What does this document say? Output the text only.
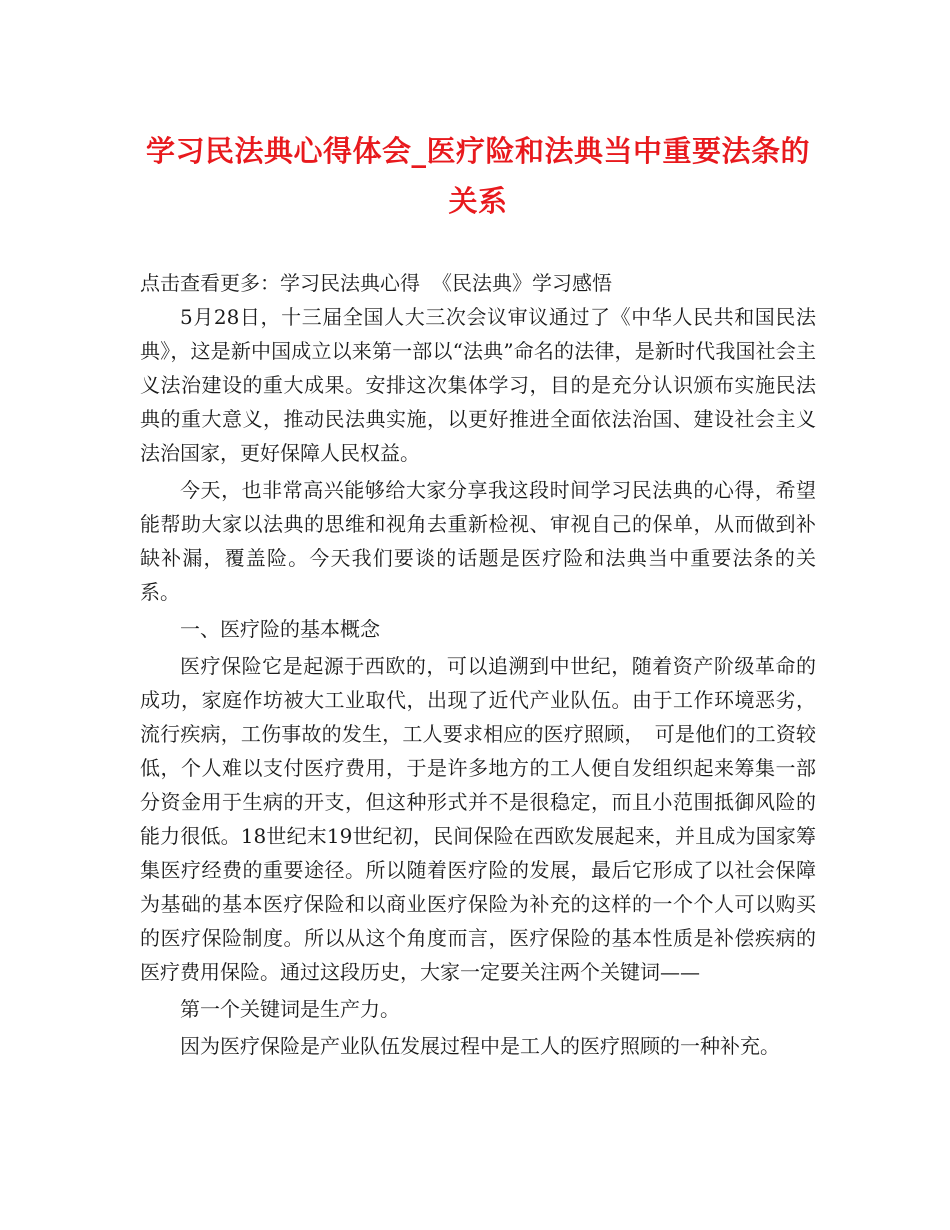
学习民法典心得体会_医疗险和法典当中重要法条的关系

点击查看更多：学习民法典心得 《民法典》学习感悟

5月28日，十三届全国人大三次会议审议通过了《中华人民共和国民法典》，这是新中国成立以来第一部以“法典”命名的法律，是新时代我国社会主义法治建设的重大成果。安排这次集体学习，目的是充分认识颁布实施民法典的重大意义，推动民法典实施，以更好推进全面依法治国、建设社会主义法治国家，更好保障人民权益。

今天，也非常高兴能够给大家分享我这段时间学习民法典的心得，希望能帮助大家以法典的思维和视角去重新检视、审视自己的保单，从而做到补缺补漏，覆盖险。今天我们要谈的话题是医疗险和法典当中重要法条的关系。

一、医疗险的基本概念

医疗保险它是起源于西欧的，可以追溯到中世纪，随着资产阶级革命的成功，家庭作坊被大工业取代，出现了近代产业队伍。由于工作环境恶劣，流行疾病，工伤事故的发生，工人要求相应的医疗照顾，　可是他们的工资较低，个人难以支付医疗费用，于是许多地方的工人便自发组织起来筹集一部分资金用于生病的开支，但这种形式并不是很稳定，而且小范围抵御风险的能力很低。18世纪末19世纪初，民间保险在西欧发展起来，并且成为国家筹集医疗经费的重要途径。所以随着医疗险的发展，最后它形成了以社会保障为基础的基本医疗保险和以商业医疗保险为补充的这样的一个个人可以购买的医疗保险制度。所以从这个角度而言，医疗保险的基本性质是补偿疾病的医疗费用保险。通过这段历史，大家一定要关注两个关键词——

第一个关键词是生产力。

因为医疗保险是产业队伍发展过程中是工人的医疗照顾的一种补充。
